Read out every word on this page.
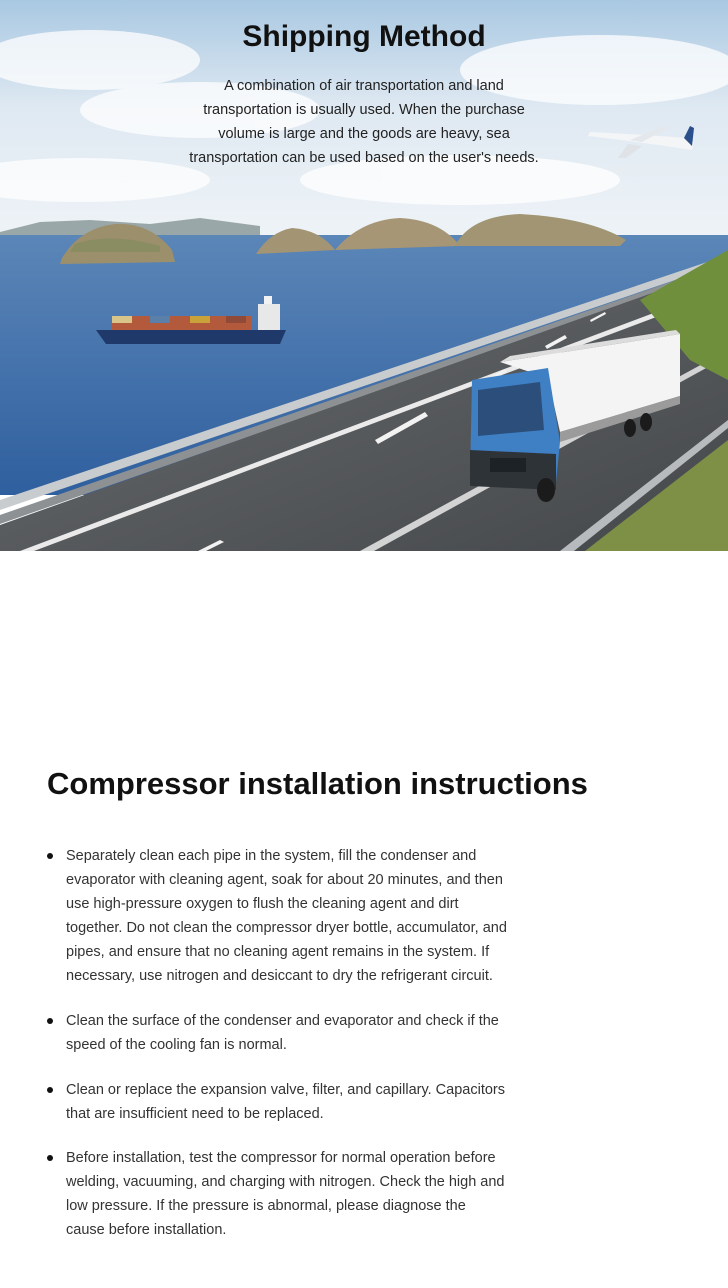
Shipping Method

A combination of air transportation and land transportation is usually used. When the purchase volume is large and the goods are heavy, sea transportation can be used based on the user's needs.

Compressor installation instructions
Separately clean each pipe in the system, fill the condenser and evaporator with cleaning agent, soak for about 20 minutes, and then use high-pressure oxygen to flush the cleaning agent and dirt together. Do not clean the compressor dryer bottle, accumulator, and pipes, and ensure that no cleaning agent remains in the system. If necessary, use nitrogen and desiccant to dry the refrigerant circuit.
Clean the surface of the condenser and evaporator and check if the speed of the cooling fan is normal.
Clean or replace the expansion valve, filter, and capillary. Capacitors that are insufficient need to be replaced.
Before installation, test the compressor for normal operation before welding, vacuuming, and charging with nitrogen. Check the high and low pressure. If the pressure is abnormal, please diagnose the cause before installation.
